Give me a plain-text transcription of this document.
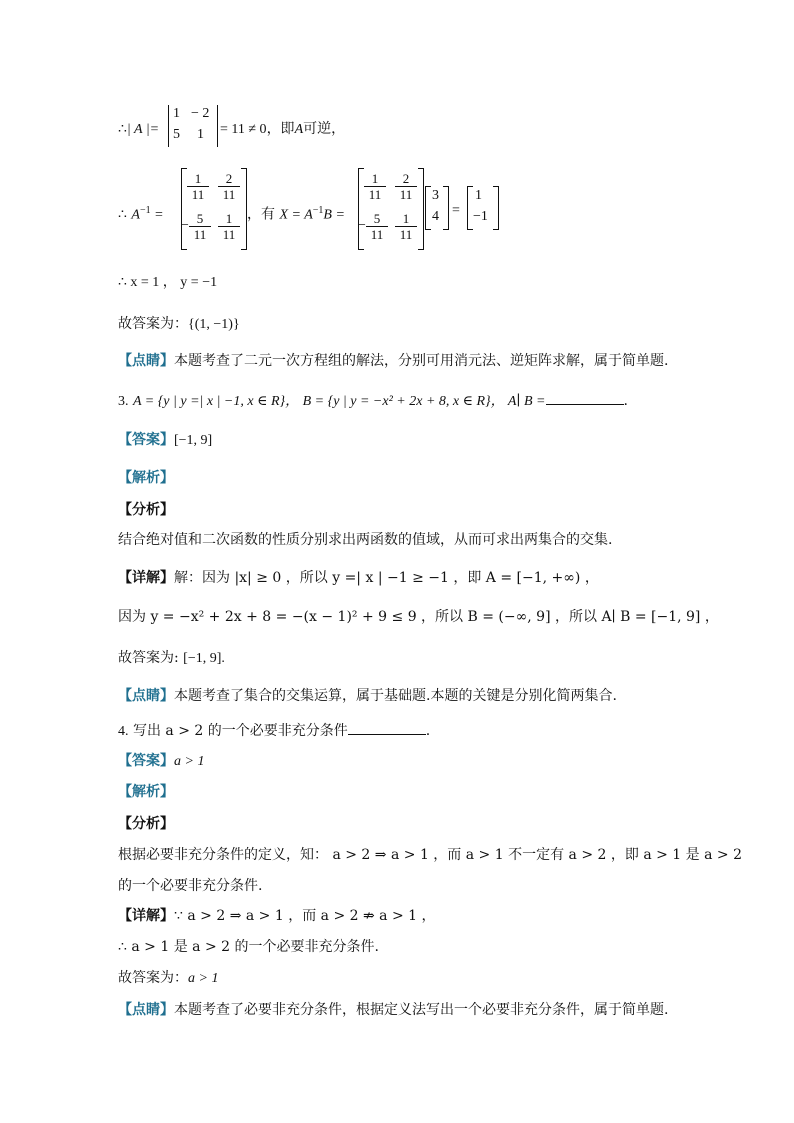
∴| A |=
1 − 2
5 1 = 11 ≠ 0，即A可逆，
∴ $A^{-1}$ =
$\frac{1}{11} \frac{2}{11}$
− $\frac{5}{11} \frac{1}{11}$ ，有 $X = A^{-1}B$ =
$\frac{1}{11} \frac{2}{11}$
− $\frac{5}{11} \frac{1}{11}$
3
4 =
1
−1
∴ x = 1 ， y = −1
故答案为：{(1, −1)}
【点睛】本题考查了二元一次方程组的解法，分别可用消元法、逆矩阵求解，属于简单题.
3. A = {y | y =| x | −1, x ∈ R}， B = {y | y = −x² + 2x + 8, x ∈ R}， A∣ B =	.
【答案】[−1, 9]
【解析】
【分析】
结合绝对值和二次函数的性质分别求出两函数的值域，从而可求出两集合的交集.
【详解】解：因为 |x| ≥ 0 ，所以 y =| x | −1 ≥ −1 ，即 A = [−1, +∞) ，
因为 y = −x² + 2x + 8 = −(x − 1)² + 9 ≤ 9 ，所以 B = (−∞, 9] ，所以 A∣ B = [−1, 9] ，
故答案为: [−1, 9].
【点睛】本题考查了集合的交集运算，属于基础题.本题的关键是分别化简两集合.
4. 写出 a > 2 的一个必要非充分条件	.
【答案】a > 1
【解析】
【分析】
根据必要非充分条件的定义，知： a > 2 ⇒ a > 1 ，而 a > 1 不一定有 a > 2 ，即 a > 1 是 a > 2
的一个必要非充分条件.
【详解】∵ a > 2 ⇒ a > 1 ，而 a > 2 ⇏ a > 1 ，
∴ a > 1 是 a > 2 的一个必要非充分条件.
故答案为：a > 1
【点睛】本题考查了必要非充分条件，根据定义法写出一个必要非充分条件，属于简单题.
